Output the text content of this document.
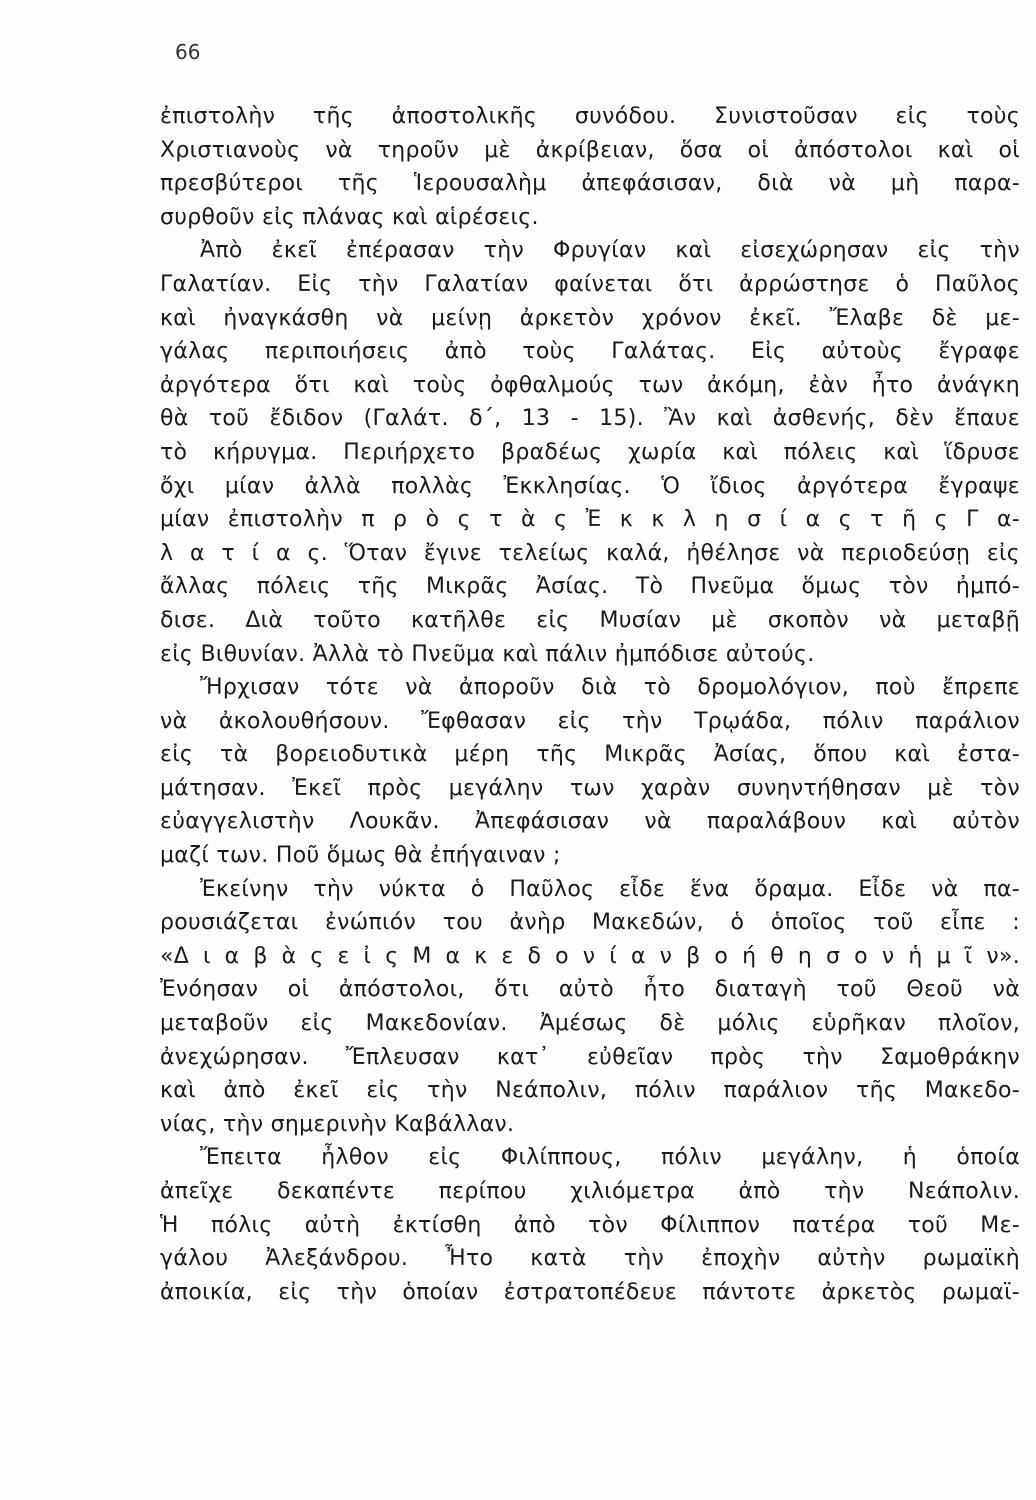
66
ἐπιστολὴν τῆς ἀποστολικῆς συνόδου. Συνιστοῦσαν εἰς τοὺς
Χριστιανοὺς νὰ τηροῦν μὲ ἀκρίβειαν, ὅσα οἱ ἀπόστολοι καὶ οἱ
πρεσβύτεροι τῆς Ἱερουσαλὴμ ἀπεφάσισαν, διὰ νὰ μὴ παρα-
συρθοῦν εἰς πλάνας καὶ αἱρέσεις.
Ἀπὸ ἐκεῖ ἐπέρασαν τὴν Φρυγίαν καὶ εἰσεχώρησαν εἰς τὴν
Γαλατίαν. Εἰς τὴν Γαλατίαν φαίνεται ὅτι ἀρρώστησε ὁ Παῦλος
καὶ ἠναγκάσθη νὰ μείνῃ ἀρκετὸν χρόνον ἐκεῖ. Ἔλαβε δὲ με-
γάλας περιποιήσεις ἀπὸ τοὺς Γαλάτας. Εἰς αὐτοὺς ἔγραφε
ἀργότερα ὅτι καὶ τοὺς ὀφθαλμούς των ἀκόμη, ἐὰν ἦτο ἀνάγκη
θὰ τοῦ ἔδιδον (Γαλάτ. δ΄, 13 - 15). Ἂν καὶ ἀσθενής, δὲν ἔπαυε
τὸ κήρυγμα. Περιήρχετο βραδέως χωρία καὶ πόλεις καὶ ἵδρυσε
ὄχι μίαν ἀλλὰ πολλὰς Ἐκκλησίας. Ὁ ἴδιος ἀργότερα ἔγραψε
μίαν ἐπιστολὴν π ρ ὸ ς τ ὰ ς Ἐ κ κ λ η σ ί α ς τ ῆ ς Γ α-
λ α τ ί α ς. Ὅταν ἔγινε τελείως καλά, ἠθέλησε νὰ περιοδεύσῃ εἰς
ἄλλας πόλεις τῆς Μικρᾶς Ἀσίας. Τὸ Πνεῦμα ὅμως τὸν ἠμπό-
δισε. Διὰ τοῦτο κατῆλθε εἰς Μυσίαν μὲ σκοπὸν νὰ μεταβῇ
εἰς Βιθυνίαν. Ἀλλὰ τὸ Πνεῦμα καὶ πάλιν ἠμπόδισε αὐτούς.
Ἤρχισαν τότε νὰ ἀποροῦν διὰ τὸ δρομολόγιον, ποὺ ἔπρεπε
νὰ ἀκολουθήσουν. Ἔφθασαν εἰς τὴν Τρῳάδα, πόλιν παράλιον
εἰς τὰ βορειοδυτικὰ μέρη τῆς Μικρᾶς Ἀσίας, ὅπου καὶ ἐστα-
μάτησαν. Ἐκεῖ πρὸς μεγάλην των χαρὰν συνηντήθησαν μὲ τὸν
εὐαγγελιστὴν Λουκᾶν. Ἀπεφάσισαν νὰ παραλάβουν καὶ αὐτὸν
μαζί των. Ποῦ ὅμως θὰ ἐπήγαιναν ;
Ἐκείνην τὴν νύκτα ὁ Παῦλος εἶδε ἕνα ὅραμα. Εἶδε νὰ πα-
ρουσιάζεται ἐνώπιόν του ἀνὴρ Μακεδών, ὁ ὁποῖος τοῦ εἶπε :
«Δ ι α β ὰ ς ε ἰ ς Μ α κ ε δ ο ν ί α ν β ο ή θ η σ ο ν ἡ μ ῖ ν».
Ἐνόησαν οἱ ἀπόστολοι, ὅτι αὐτὸ ἦτο διαταγὴ τοῦ Θεοῦ νὰ
μεταβοῦν εἰς Μακεδονίαν. Ἀμέσως δὲ μόλις εὑρῆκαν πλοῖον,
ἀνεχώρησαν. Ἔπλευσαν κατ᾿ εὐθεῖαν πρὸς τὴν Σαμοθράκην
καὶ ἀπὸ ἐκεῖ εἰς τὴν Νεάπολιν, πόλιν παράλιον τῆς Μακεδο-
νίας, τὴν σημερινὴν Καβάλλαν.
Ἔπειτα ἦλθον εἰς Φιλίππους, πόλιν μεγάλην, ἡ ὁποία
ἀπεῖχε δεκαπέντε περίπου χιλιόμετρα ἀπὸ τὴν Νεάπολιν.
Ἡ πόλις αὐτὴ ἐκτίσθη ἀπὸ τὸν Φίλιππον πατέρα τοῦ Με-
γάλου Ἀλεξάνδρου. Ἦτο κατὰ τὴν ἐποχὴν αὐτὴν ρωμαϊκὴ
ἀποικία, εἰς τὴν ὁποίαν ἐστρατοπέδευε πάντοτε ἀρκετὸς ρωμαϊ-
